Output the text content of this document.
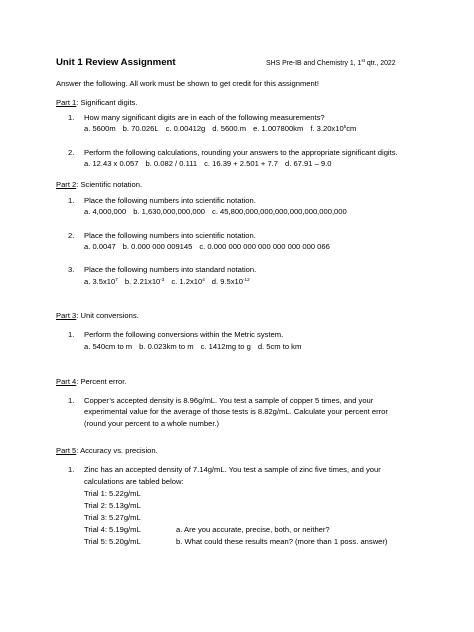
Unit 1 Review Assignment	SHS Pre-IB and Chemistry 1, 1st qtr., 2022
Answer the following. All work must be shown to get credit for this assignment!
Part 1: Significant digits.
1. How many significant digits are in each of the following measurements?
a. 5600m b. 70.026L c. 0.00412g d. 5600.m e. 1.007800km f. $3.20x10^5cm$
2. Perform the following calculations, rounding your answers to the appropriate significant digits.
a. 12.43 x 0.057 b. 0.082 / 0.111 c. 16.39 + 2.501 + 7.7 d. 67.91 – 9.0
Part 2: Scientific notation.
1. Place the following numbers into scientific notation.
a. 4,000,000 b. 1,630,000,000,000 c. 45,800,000,000,000,000,000,000,000
2. Place the following numbers into scientific notation.
a. 0.0047 b. 0.000 000 009145 c. 0.000 000 000 000 000 000 000 066
3. Place the following numbers into standard notation.
a. $3.5x10^7$ b. $2.21x10^{-3}$ c. $1.2x10^4$ d. $9.5x10^{-12}$
Part 3: Unit conversions.
1. Perform the following conversions within the Metric system.
a. 540cm to m b. 0.023km to m c. 1412mg to g d. 5cm to km
Part 4: Percent error.
1. Copper’s accepted density is 8.96g/mL. You test a sample of copper 5 times, and your
experimental value for the average of those tests is 8.82g/mL. Calculate your percent error
(round your percent to a whole number.)
Part 5: Accuracy vs. precision.
1. Zinc has an accepted density of 7.14g/mL. You test a sample of zinc five times, and your
calculations are tabled below:
Trial 1: 5.22g/mL
Trial 2: 5.13g/mL
Trial 3: 5.27g/mL
Trial 4: 5.19g/mL
Trial 5: 5.20g/mL
a. Are you accurate, precise, both, or neither?
b. What could these results mean? (more than 1 poss. answer)
